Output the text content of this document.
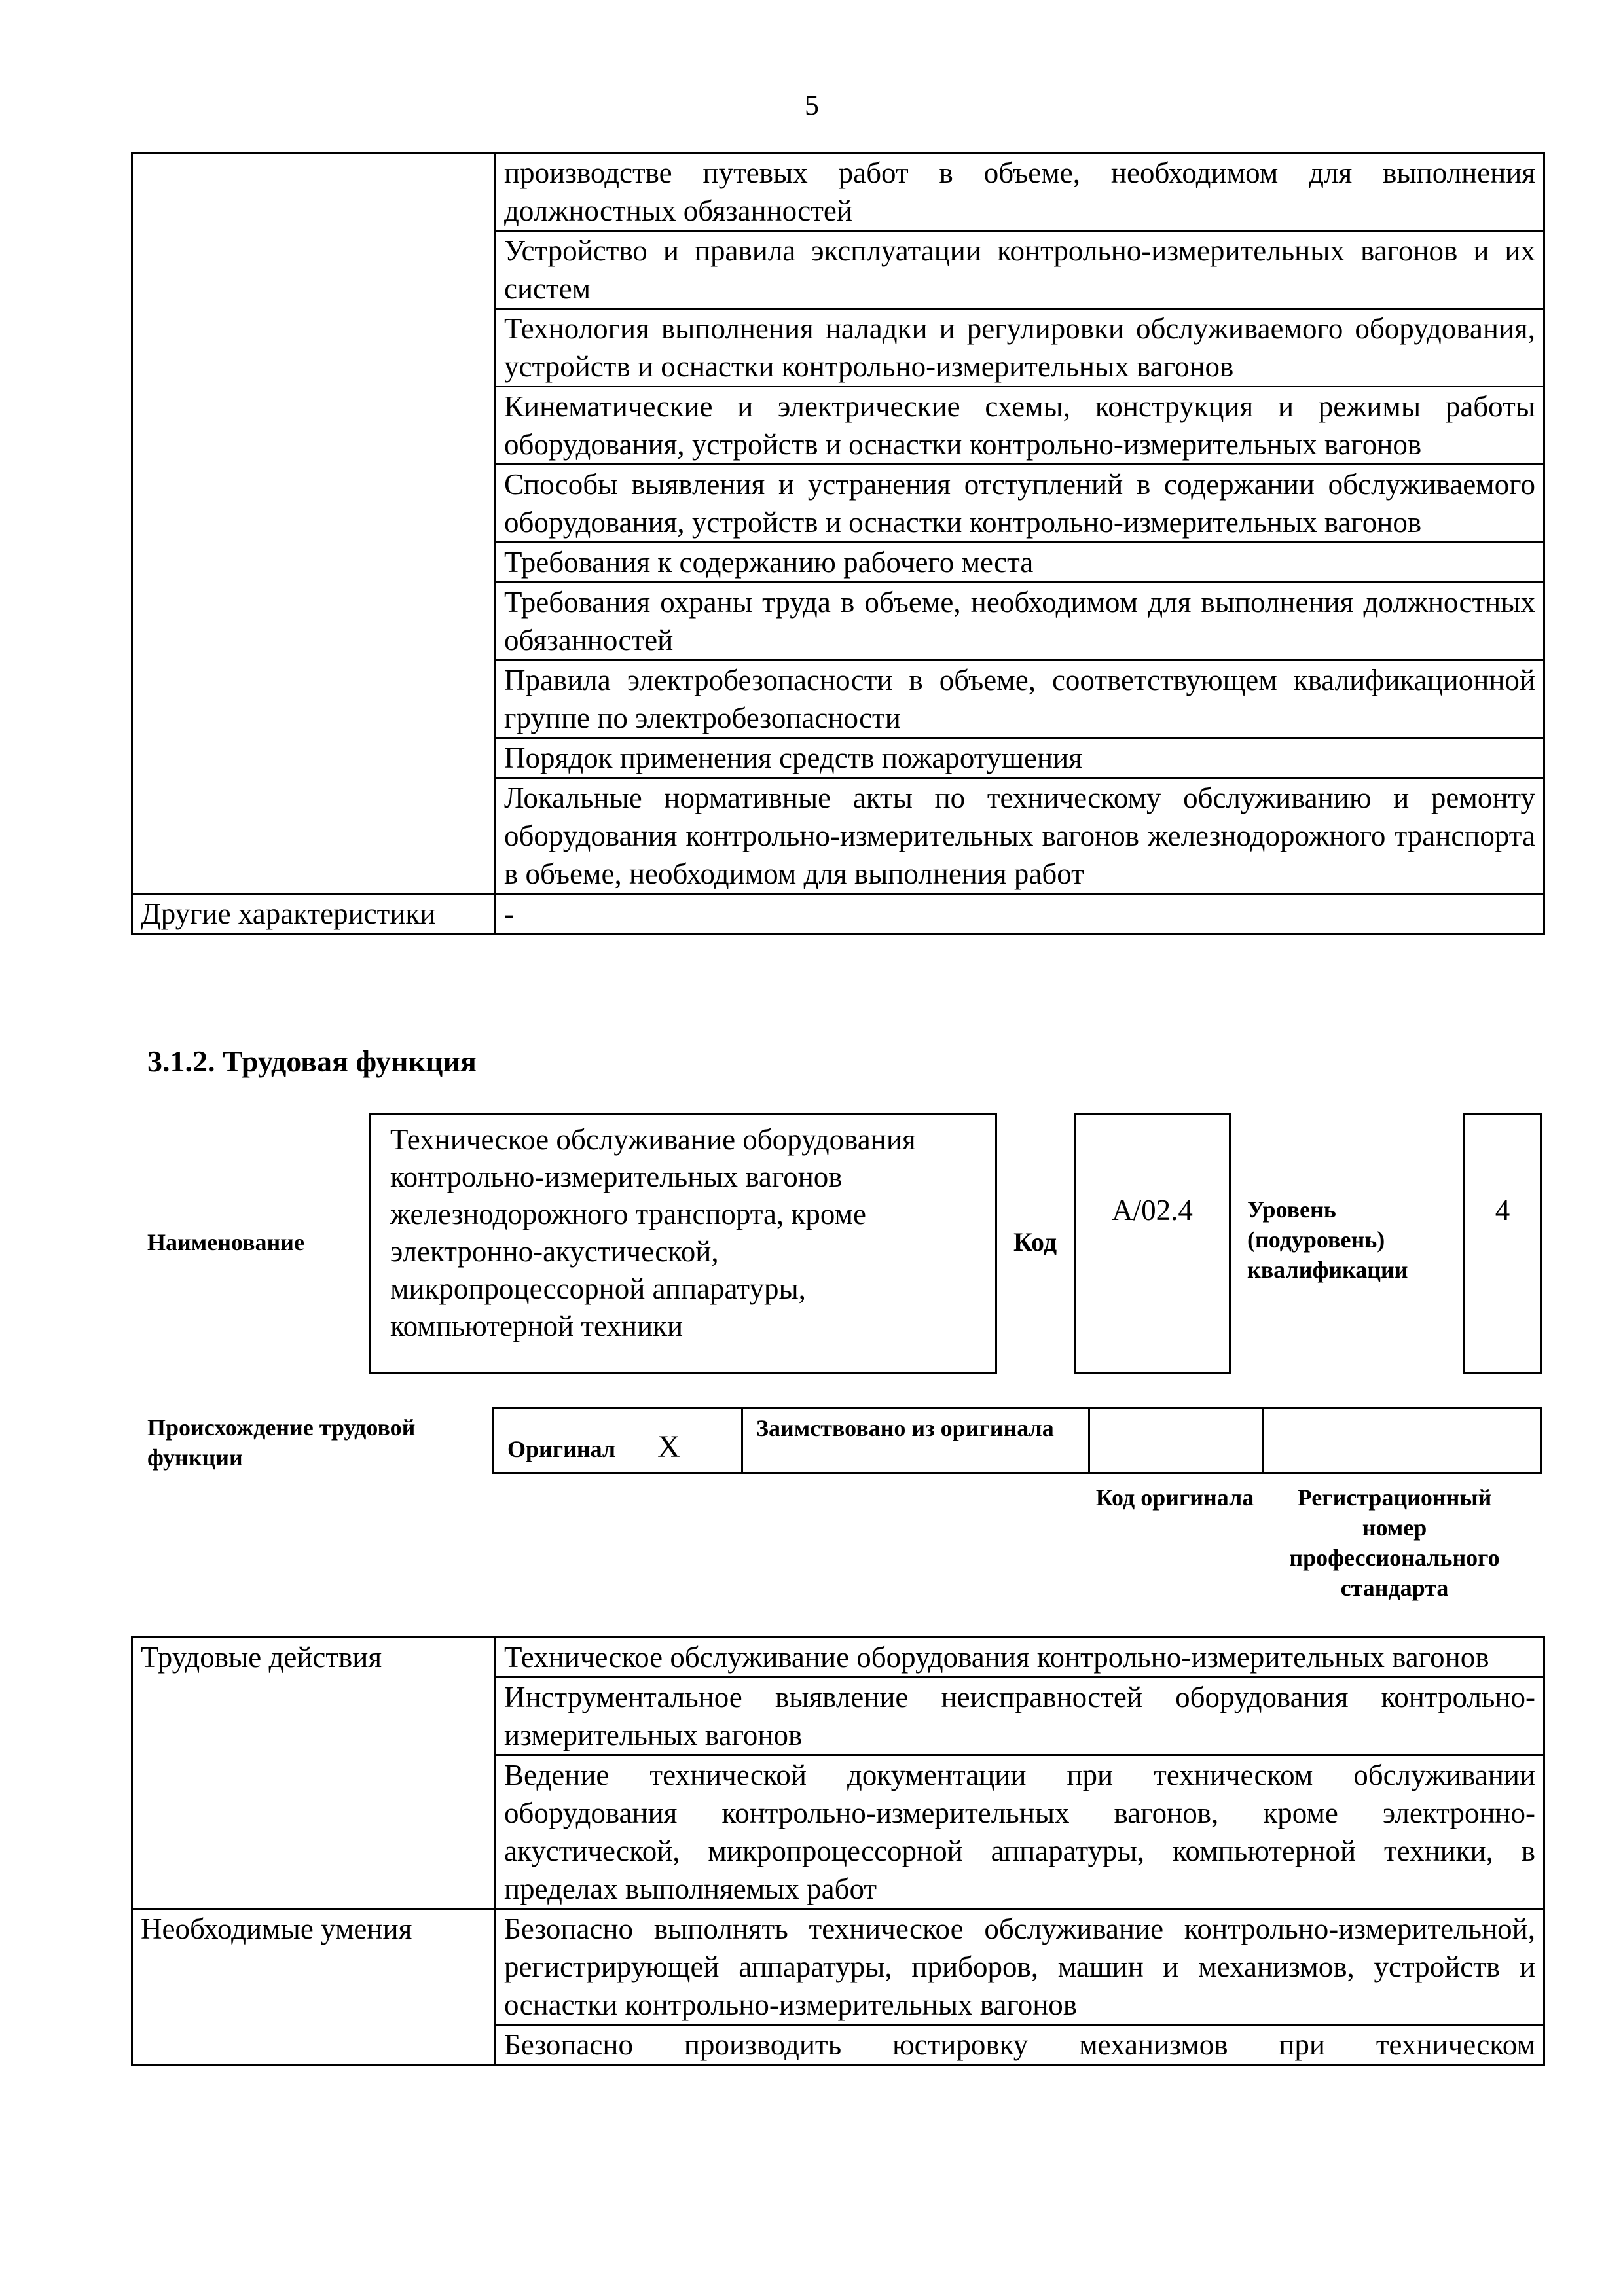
5
	производстве путевых работ в объеме, необходимом для выполнения должностных обязанностей
	Устройство и правила эксплуатации контрольно-измерительных вагонов и их систем
	Технология выполнения наладки и регулировки обслуживаемого оборудования, устройств и оснастки контрольно-измерительных вагонов
	Кинематические и электрические схемы, конструкция и режимы работы оборудования, устройств и оснастки контрольно-измерительных вагонов
	Способы выявления и устранения отступлений в содержании обслуживаемого оборудования, устройств и оснастки контрольно-измерительных вагонов
	Требования к содержанию рабочего места
	Требования охраны труда в объеме, необходимом для выполнения должностных обязанностей
	Правила электробезопасности в объеме, соответствующем квалификационной группе по электробезопасности
	Порядок применения средств пожаротушения
	Локальные нормативные акты по техническому обслуживанию и ремонту оборудования контрольно-измерительных вагонов железнодорожного транспорта в объеме, необходимом для выполнения работ
Другие характеристики	-
3.1.2. Трудовая функция
Наименование
Техническое обслуживание оборудования контрольно-измерительных вагонов железнодорожного транспорта, кроме электронно-акустической, микропроцессорной аппаратуры, компьютерной техники
Код
А/02.4	Уровень (подуровень) квалификации
4
Происхождение трудовой функции	Оригинал X	Заимствовано из оригинала		
Код оригинала	Регистрационный номер профессионального стандарта
Трудовые действия	Техническое обслуживание оборудования контрольно-измерительных вагонов
	Инструментальное выявление неисправностей оборудования контрольно-измерительных вагонов
	Ведение технической документации при техническом обслуживании оборудования контрольно-измерительных вагонов, кроме электронно-акустической, микропроцессорной аппаратуры, компьютерной техники, в пределах выполняемых работ
Необходимые умения	Безопасно выполнять техническое обслуживание контрольно-измерительной, регистрирующей аппаратуры, приборов, машин и механизмов, устройств и оснастки контрольно-измерительных вагонов
	Безопасно производить юстировку механизмов при техническом
